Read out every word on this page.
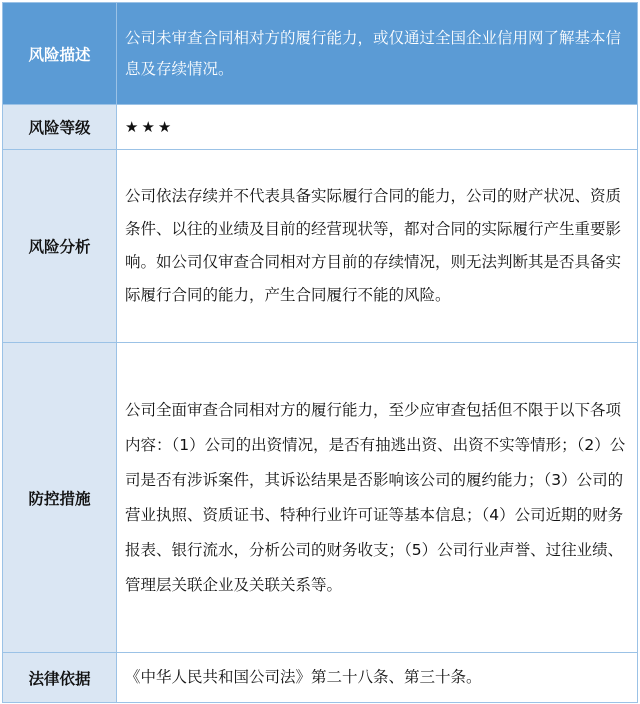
风险描述

公司未审查合同相对方的履行能力，或仅通过全国企业信用网了解基本信息及存续情况。

风险等级	★★★

风险分析

公司依法存续并不代表具备实际履行合同的能力，公司的财产状况、资质条件、以往的业绩及目前的经营现状等，都对合同的实际履行产生重要影响。如公司仅审查合同相对方目前的存续情况，则无法判断其是否具备实际履行合同的能力，产生合同履行不能的风险。

防控措施

公司全面审查合同相对方的履行能力，至少应审查包括但不限于以下各项内容：（1）公司的出资情况，是否有抽逃出资、出资不实等情形；（2）公司是否有涉诉案件，其诉讼结果是否影响该公司的履约能力；（3）公司的营业执照、资质证书、特种行业许可证等基本信息；（4）公司近期的财务报表、银行流水，分析公司的财务收支；（5）公司行业声誉、过往业绩、管理层关联企业及关联关系等。

法律依据	《中华人民共和国公司法》第二十八条、第三十条。
